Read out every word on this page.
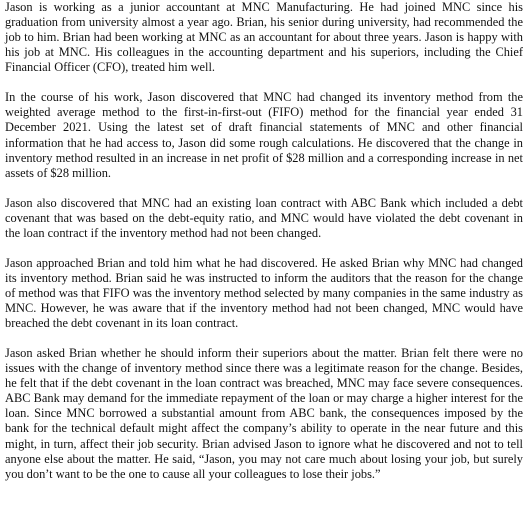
Jason is working as a junior accountant at MNC Manufacturing. He had joined MNC since his graduation from university almost a year ago. Brian, his senior during university, had recommended the job to him. Brian had been working at MNC as an accountant for about three years. Jason is happy with his job at MNC. His colleagues in the accounting department and his superiors, including the Chief Financial Officer (CFO), treated him well.

In the course of his work, Jason discovered that MNC had changed its inventory method from the weighted average method to the first-in-first-out (FIFO) method for the financial year ended 31 December 2021. Using the latest set of draft financial statements of MNC and other financial information that he had access to, Jason did some rough calculations. He discovered that the change in inventory method resulted in an increase in net profit of $28 million and a corresponding increase in net assets of $28 million.

Jason also discovered that MNC had an existing loan contract with ABC Bank which included a debt covenant that was based on the debt-equity ratio, and MNC would have violated the debt covenant in the loan contract if the inventory method had not been changed.

Jason approached Brian and told him what he had discovered. He asked Brian why MNC had changed its inventory method. Brian said he was instructed to inform the auditors that the reason for the change of method was that FIFO was the inventory method selected by many companies in the same industry as MNC. However, he was aware that if the inventory method had not been changed, MNC would have breached the debt covenant in its loan contract.

Jason asked Brian whether he should inform their superiors about the matter. Brian felt there were no issues with the change of inventory method since there was a legitimate reason for the change. Besides, he felt that if the debt covenant in the loan contract was breached, MNC may face severe consequences. ABC Bank may demand for the immediate repayment of the loan or may charge a higher interest for the loan. Since MNC borrowed a substantial amount from ABC bank, the consequences imposed by the bank for the technical default might affect the company’s ability to operate in the near future and this might, in turn, affect their job security. Brian advised Jason to ignore what he discovered and not to tell anyone else about the matter. He said, “Jason, you may not care much about losing your job, but surely you don’t want to be the one to cause all your colleagues to lose their jobs.”
